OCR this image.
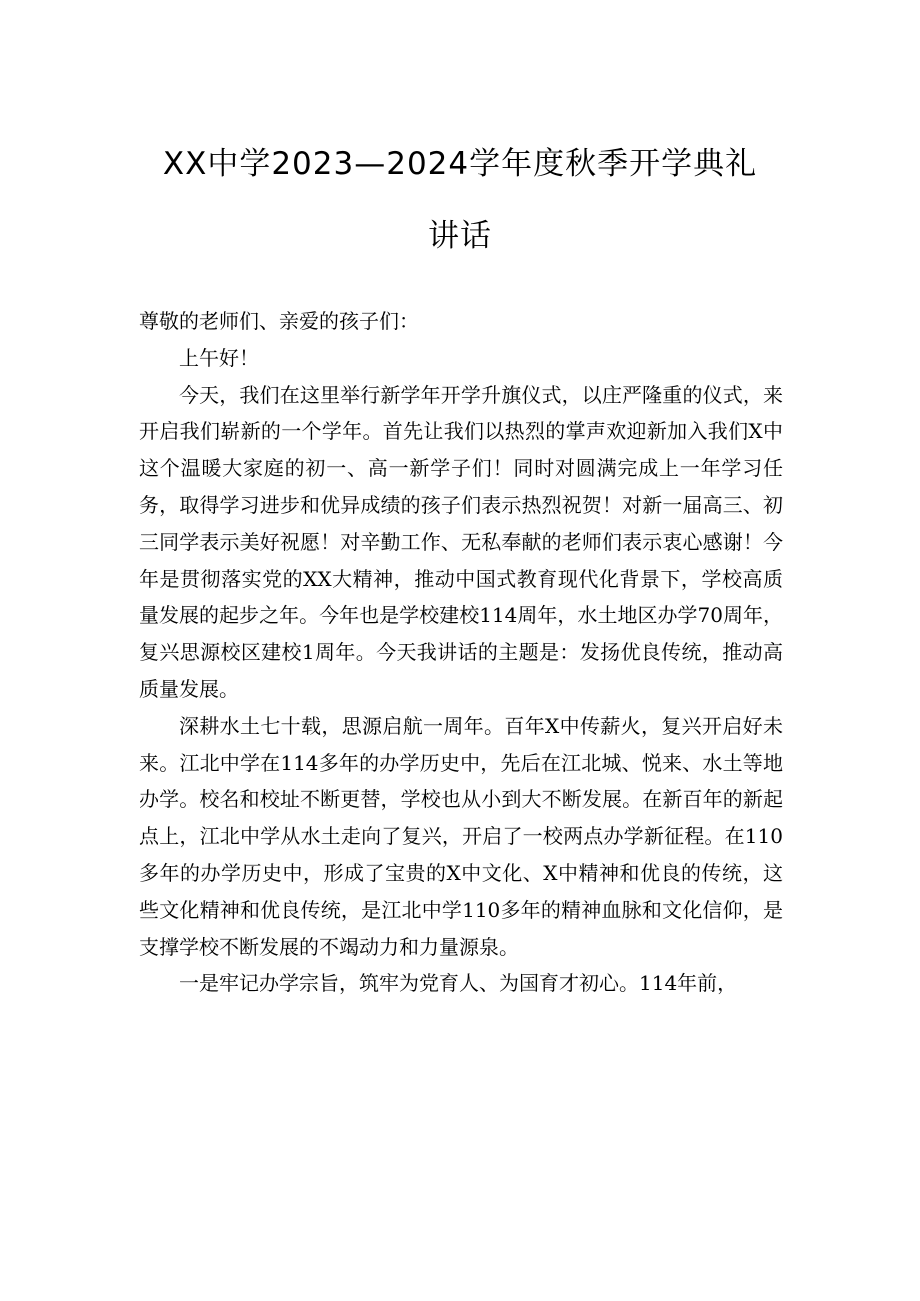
XX中学2023—2024学年度秋季开学典礼
讲话

尊敬的老师们、亲爱的孩子们：

上午好！

今天，我们在这里举行新学年开学升旗仪式，以庄严隆重的仪式，来开启我们崭新的一个学年。首先让我们以热烈的掌声欢迎新加入我们X中这个温暖大家庭的初一、高一新学子们！同时对圆满完成上一年学习任务，取得学习进步和优异成绩的孩子们表示热烈祝贺！对新一届高三、初三同学表示美好祝愿！对辛勤工作、无私奉献的老师们表示衷心感谢！今年是贯彻落实党的XX大精神，推动中国式教育现代化背景下，学校高质量发展的起步之年。今年也是学校建校114周年，水土地区办学70周年，复兴思源校区建校1周年。今天我讲话的主题是：发扬优良传统，推动高质量发展。

深耕水土七十载，思源启航一周年。百年X中传薪火，复兴开启好未来。江北中学在114多年的办学历史中，先后在江北城、悦来、水土等地办学。校名和校址不断更替，学校也从小到大不断发展。在新百年的新起点上，江北中学从水土走向了复兴，开启了一校两点办学新征程。在110多年的办学历史中，形成了宝贵的X中文化、X中精神和优良的传统，这些文化精神和优良传统，是江北中学110多年的精神血脉和文化信仰，是支撑学校不断发展的不竭动力和力量源泉。

一是牢记办学宗旨，筑牢为党育人、为国育才初心。114年前，
